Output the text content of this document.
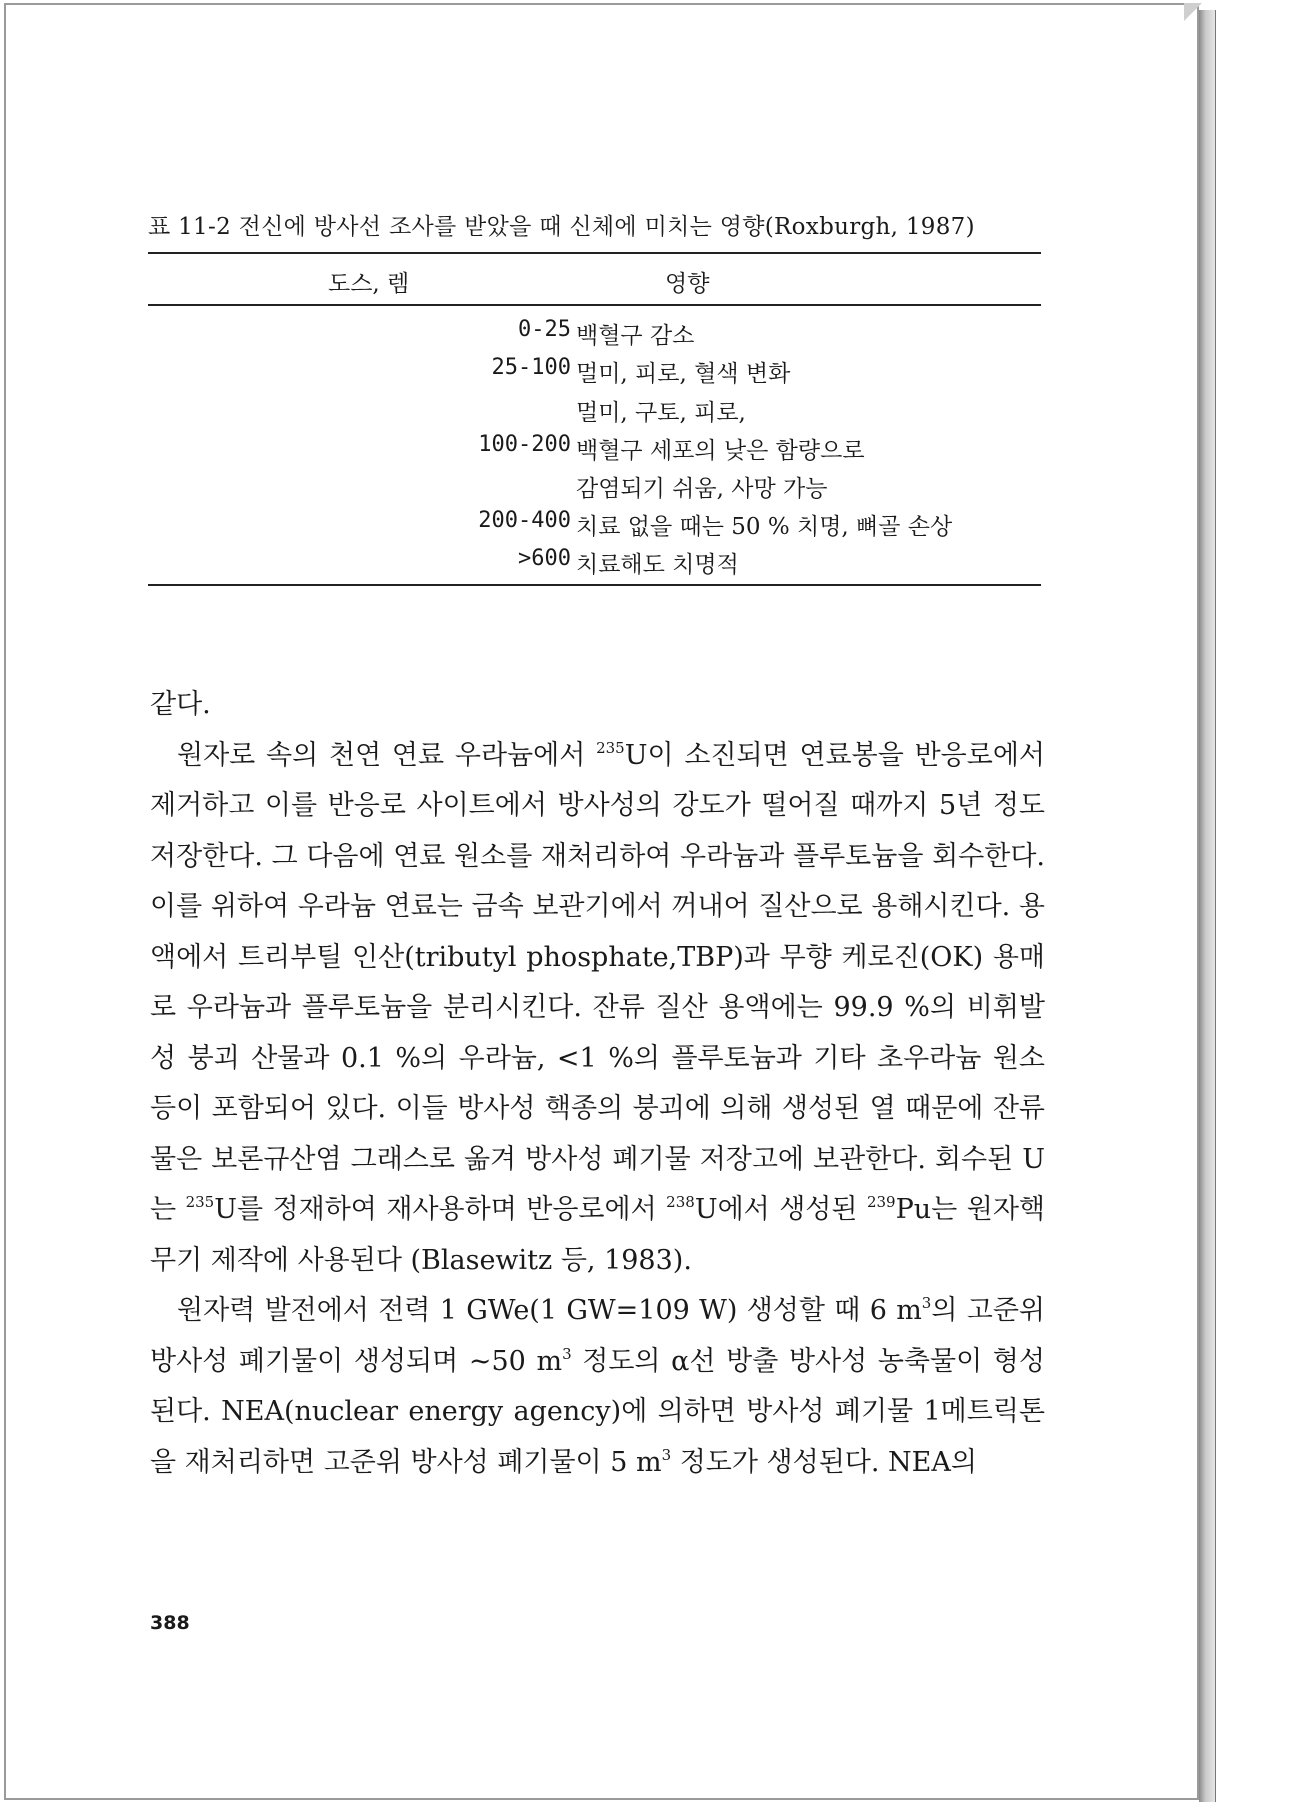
표 11-2 전신에 방사선 조사를 받았을 때 신체에 미치는 영향(Roxburgh, 1987)
도스, 렘	영향
0-25 백혈구 감소
25-100 멀미, 피로, 혈색 변화
멀미, 구토, 피로,
100-200 백혈구 세포의 낮은 함량으로
감염되기 쉬움, 사망 가능
200-400 치료 없을 때는 50 % 치명, 뼈골 손상
>600 치료해도 치명적

같다.

원자로 속의 천연 연료 우라늄에서 $^{235}$U이 소진되면 연료봉을 반응로에서 제거하고 이를 반응로 사이트에서 방사성의 강도가 떨어질 때까지 5년 정도 저장한다. 그 다음에 연료 원소를 재처리하여 우라늄과 플루토늄을 회수한다. 이를 위하여 우라늄 연료는 금속 보관기에서 꺼내어 질산으로 용해시킨다. 용액에서 트리부틸 인산(tributyl phosphate,TBP)과 무향 케로진(OK) 용매로 우라늄과 플루토늄을 분리시킨다. 잔류 질산 용액에는 99.9 %의 비휘발성 붕괴 산물과 0.1 %의 우라늄, <1 %의 플루토늄과 기타 초우라늄 원소 등이 포함되어 있다. 이들 방사성 핵종의 붕괴에 의해 생성된 열 때문에 잔류물은 보론규산염 그래스로 옮겨 방사성 폐기물 저장고에 보관한다. 회수된 U는 $^{235}$U를 정재하여 재사용하며 반응로에서 $^{238}$U에서 생성된 $^{239}$Pu는 원자핵 무기 제작에 사용된다 (Blasewitz 등, 1983).

원자력 발전에서 전력 1 GWe(1 GW=109 W) 생성할 때 6 $m^3$의 고준위 방사성 폐기물이 생성되며 ~50 $m^3$ 정도의 α선 방출 방사성 농축물이 형성된다. NEA(nuclear energy agency)에 의하면 방사성 폐기물 1메트릭톤을 재처리하면 고준위 방사성 폐기물이 5 $m^3$ 정도가 생성된다. NEA의

388
